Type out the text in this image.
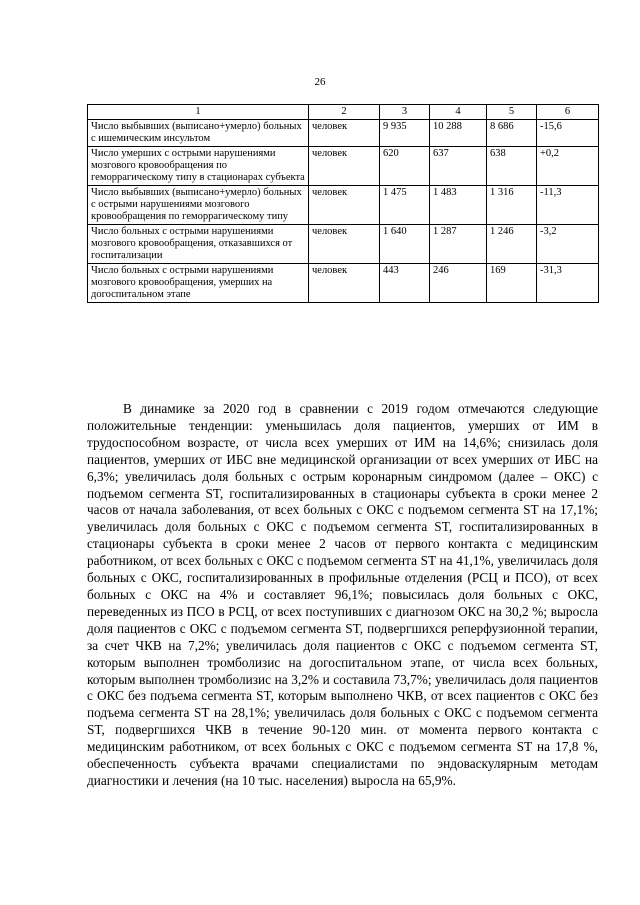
26
1	2	3	4	5	6
Число выбывших (выписано+умерло) больных с ишемическим инсультом	человек	9 935	10 288	8 686	-15,6
Число умерших с острыми нарушениями мозгового кровообращения по геморрагическому типу в стационарах субъекта	человек	620	637	638	+0,2
Число выбывших (выписано+умерло) больных с острыми нарушениями мозгового кровообращения по геморрагическому типу	человек	1 475	1 483	1 316	-11,3
Число больных с острыми нарушениями мозгового кровообращения, отказавшихся от госпитализации	человек	1 640	1 287	1 246	-3,2
Число больных с острыми нарушениями мозгового кровообращения, умерших на догоспитальном этапе	человек	443	246	169	-31,3

В динамике за 2020 год в сравнении с 2019 годом отмечаются следующие положительные тенденции: уменьшилась доля пациентов, умерших от ИМ в трудоспособном возрасте, от числа всех умерших от ИМ на 14,6%; снизилась доля пациентов, умерших от ИБС вне медицинской организации от всех умерших от ИБС на 6,3%; увеличилась доля больных с острым коронарным синдромом (далее – ОКС) с подъемом сегмента ST, госпитализированных в стационары субъекта в сроки менее 2 часов от начала заболевания, от всех больных с ОКС с подъемом сегмента ST на 17,1%; увеличилась доля больных с ОКС с подъемом сегмента ST, госпитализированных в стационары субъекта в сроки менее 2 часов от первого контакта с медицинским работником, от всех больных с ОКС с подъемом сегмента ST на 41,1%, увеличилась доля больных с ОКС, госпитализированных в профильные отделения (РСЦ и ПСО), от всех больных с ОКС на 4% и составляет 96,1%; повысилась доля больных с ОКС, переведенных из ПСО в РСЦ, от всех поступивших с диагнозом ОКС на 30,2 %; выросла доля пациентов с ОКС с подъемом сегмента ST, подвергшихся реперфузионной терапии, за счет ЧКВ на 7,2%; увеличилась доля пациентов с ОКС с подъемом сегмента ST, которым выполнен тромболизис на догоспитальном этапе, от числа всех больных, которым выполнен тромболизис на 3,2% и составила 73,7%; увеличилась доля пациентов с ОКС без подъема сегмента ST, которым выполнено ЧКВ, от всех пациентов с ОКС без подъема сегмента ST на 28,1%; увеличилась доля больных с ОКС с подъемом сегмента ST, подвергшихся ЧКВ в течение 90-120 мин. от момента первого контакта с медицинским работником, от всех больных с ОКС с подъемом сегмента ST на 17,8 %, обеспеченность субъекта врачами специалистами по эндоваскулярным методам диагностики и лечения (на 10 тыс. населения) выросла на 65,9%.
